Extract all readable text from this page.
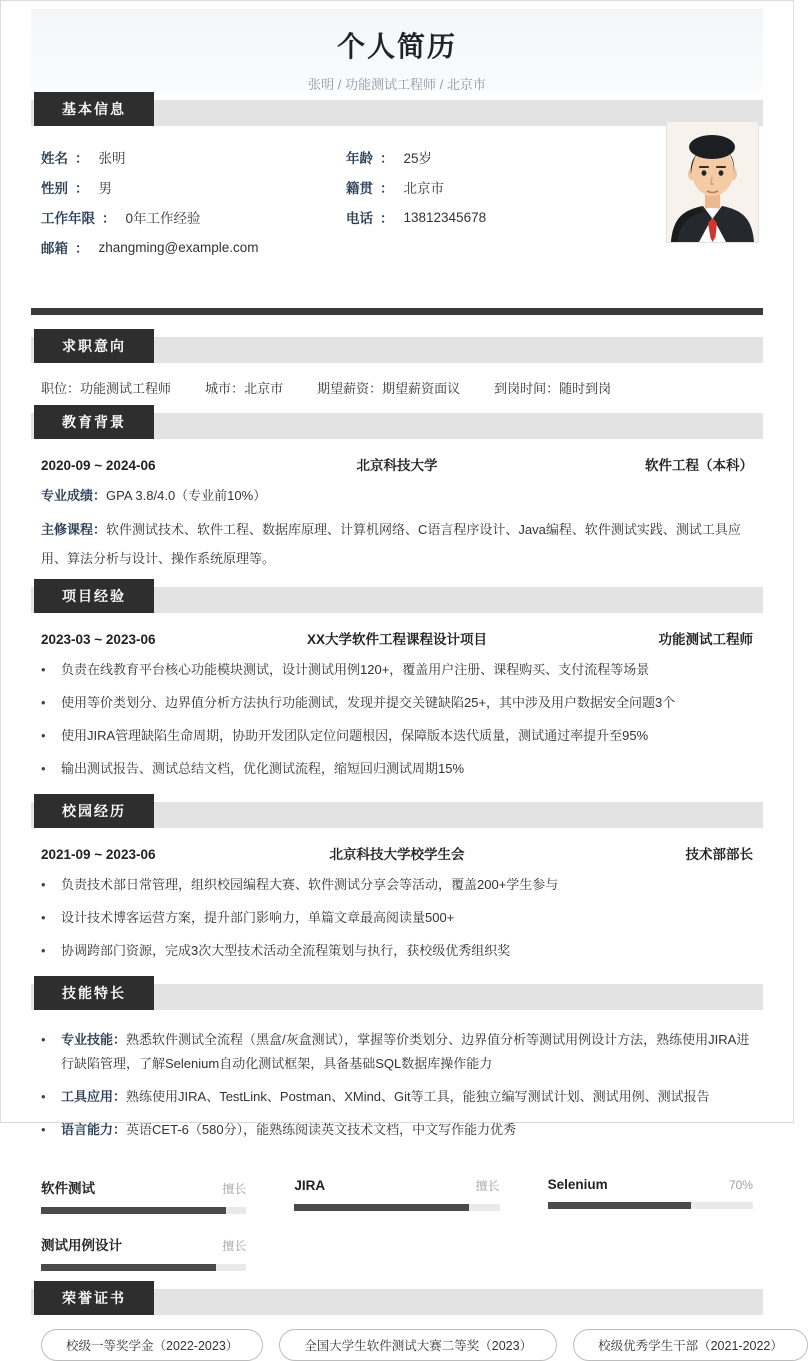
个人简历
张明 / 功能测试工程师 / 北京市
基本信息
姓名 ： 张明
性别 ： 男
工作年限 ： 0年工作经验
邮箱 ： zhangming@example.com
年龄 ： 25岁
籍贯 ： 北京市
电话 ： 13812345678
求职意向
职位 ： 功能测试工程师	城市 ： 北京市	期望薪资 ： 期望薪资面议	到岗时间 ： 随时到岗
教育背景
2020-09 ~ 2024-06	北京科技大学	软件工程（本科）
专业成绩 ： GPA 3.8/4.0（专业前10%）
主修课程 ： 软件测试技术、软件工程、数据库原理、计算机网络、C语言程序设计、Java编程、软件测试实践、测试工具应用、算法分析与设计、操作系统原理等。
项目经验
2023-03 ~ 2023-06	XX大学软件工程课程设计项目	功能测试工程师
•	负责在线教育平台核心功能模块测试，设计测试用例120+，覆盖用户注册、课程购买、支付流程等场景
•	使用等价类划分、边界值分析方法执行功能测试，发现并提交关键缺陷25+，其中涉及用户数据安全问题3个
•	使用JIRA管理缺陷生命周期，协助开发团队定位问题根因，保障版本迭代质量，测试通过率提升至95%
•	输出测试报告、测试总结文档，优化测试流程，缩短回归测试周期15%
校园经历
2021-09 ~ 2023-06	北京科技大学校学生会	技术部部长
•	负责技术部日常管理，组织校园编程大赛、软件测试分享会等活动，覆盖200+学生参与
•	设计技术博客运营方案，提升部门影响力，单篇文章最高阅读量500+
•	协调跨部门资源，完成3次大型技术活动全流程策划与执行，获校级优秀组织奖
技能特长
•	专业技能 ： 熟悉软件测试全流程（黑盒/灰盒测试），掌握等价类划分、边界值分析等测试用例设计方法，熟练使用JIRA进行缺陷管理，了解Selenium自动化测试框架，具备基础SQL数据库操作能力
•	工具应用 ： 熟练使用JIRA、TestLink、Postman、XMind、Git等工具，能独立编写测试计划、测试用例、测试报告
•	语言能力 ： 英语CET-6（580分），能熟练阅读英文技术文档，中文写作能力优秀
软件测试	擅长	JIRA	擅长	Selenium	70%
测试用例设计	擅长
荣誉证书
校级一等奖学金（2022-2023）	全国大学生软件测试大赛二等奖（2023）	校级优秀学生干部（2021-2022）
